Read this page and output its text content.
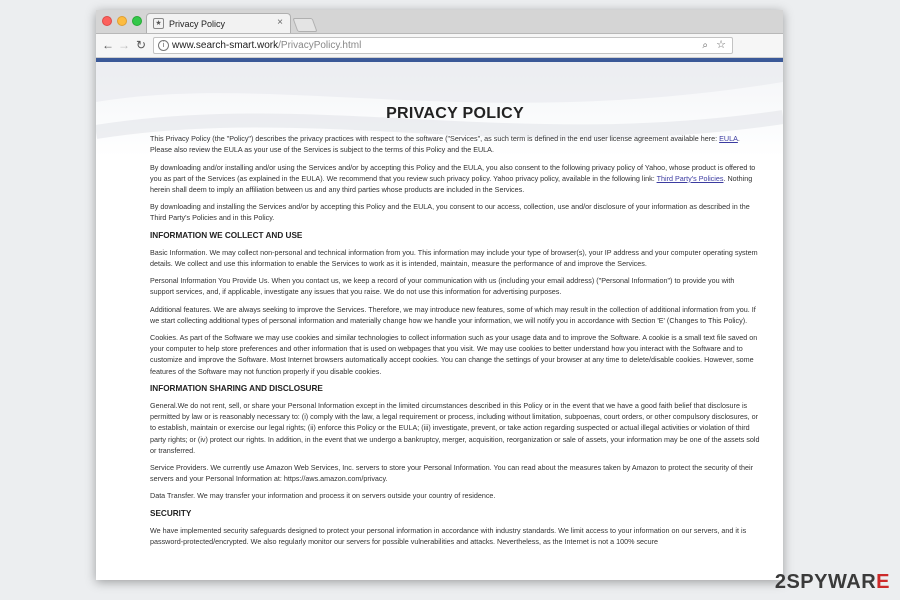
★ Privacy Policy	×
← → ↻	i www.search-smart.work/PrivacyPolicy.html	⌕ ☆
PRIVACY POLICY

This Privacy Policy (the "Policy") describes the privacy practices with respect to the software ("Services", as such term is defined in the end user license agreement available here: EULA. Please also review the EULA as your use of the Services is subject to the terms of this Policy and the EULA.

By downloading and/or installing and/or using the Services and/or by accepting this Policy and the EULA, you also consent to the following privacy policy of Yahoo, whose product is offered to you as part of the Services (as explained in the EULA). We recommend that you review such privacy policy. Yahoo privacy policy, available in the following link: Third Party's Policies. Nothing herein shall deem to imply an affiliation between us and any third parties whose products are included in the Services.

By downloading and installing the Services and/or by accepting this Policy and the EULA, you consent to our access, collection, use and/or disclosure of your information as described in the Third Party's Policies and in this Policy.

INFORMATION WE COLLECT AND USE

Basic Information. We may collect non-personal and technical information from you. This information may include your type of browser(s), your IP address and your computer operating system details. We collect and use this information to enable the Services to work as it is intended, maintain, measure the performance of and improve the Services.

Personal Information You Provide Us. When you contact us, we keep a record of your communication with us (including your email address) ("Personal Information") to provide you with support services, and, if applicable, investigate any issues that you raise. We do not use this information for advertising purposes.

Additional features. We are always seeking to improve the Services. Therefore, we may introduce new features, some of which may result in the collection of additional information from you. If we start collecting additional types of personal information and materially change how we handle your information, we will notify you in accordance with Section 'E' (Changes to This Policy).

Cookies. As part of the Software we may use cookies and similar technologies to collect information such as your usage data and to improve the Software. A cookie is a small text file saved on your computer to help store preferences and other information that is used on webpages that you visit. We may use cookies to better understand how you interact with the Software and to customize and improve the Software. Most Internet browsers automatically accept cookies. You can change the settings of your browser at any time to delete/disable cookies. However, some features of the Software may not function properly if you disable cookies.

INFORMATION SHARING AND DISCLOSURE

General.We do not rent, sell, or share your Personal Information except in the limited circumstances described in this Policy or in the event that we have a good faith belief that disclosure is permitted by law or is reasonably necessary to: (i) comply with the law, a legal requirement or process, including without limitation, subpoenas, court orders, or other compulsory disclosures, or to establish, maintain or exercise our legal rights; (ii) enforce this Policy or the EULA; (iii) investigate, prevent, or take action regarding suspected or actual illegal activities or violation of third party rights; or (iv) protect our rights. In addition, in the event that we undergo a bankruptcy, merger, acquisition, reorganization or sale of assets, your information may be one of the assets sold or transferred.

Service Providers. We currently use Amazon Web Services, Inc. servers to store your Personal Information. You can read about the measures taken by Amazon to protect the security of their servers and your Personal Information at: https://aws.amazon.com/privacy.

Data Transfer. We may transfer your information and process it on servers outside your country of residence.

SECURITY

We have implemented security safeguards designed to protect your personal information in accordance with industry standards. We limit access to your information on our servers, and it is password-protected/encrypted. We also regularly monitor our servers for possible vulnerabilities and attacks. Nevertheless, as the Internet is not a 100% secure

2SPYWARE
